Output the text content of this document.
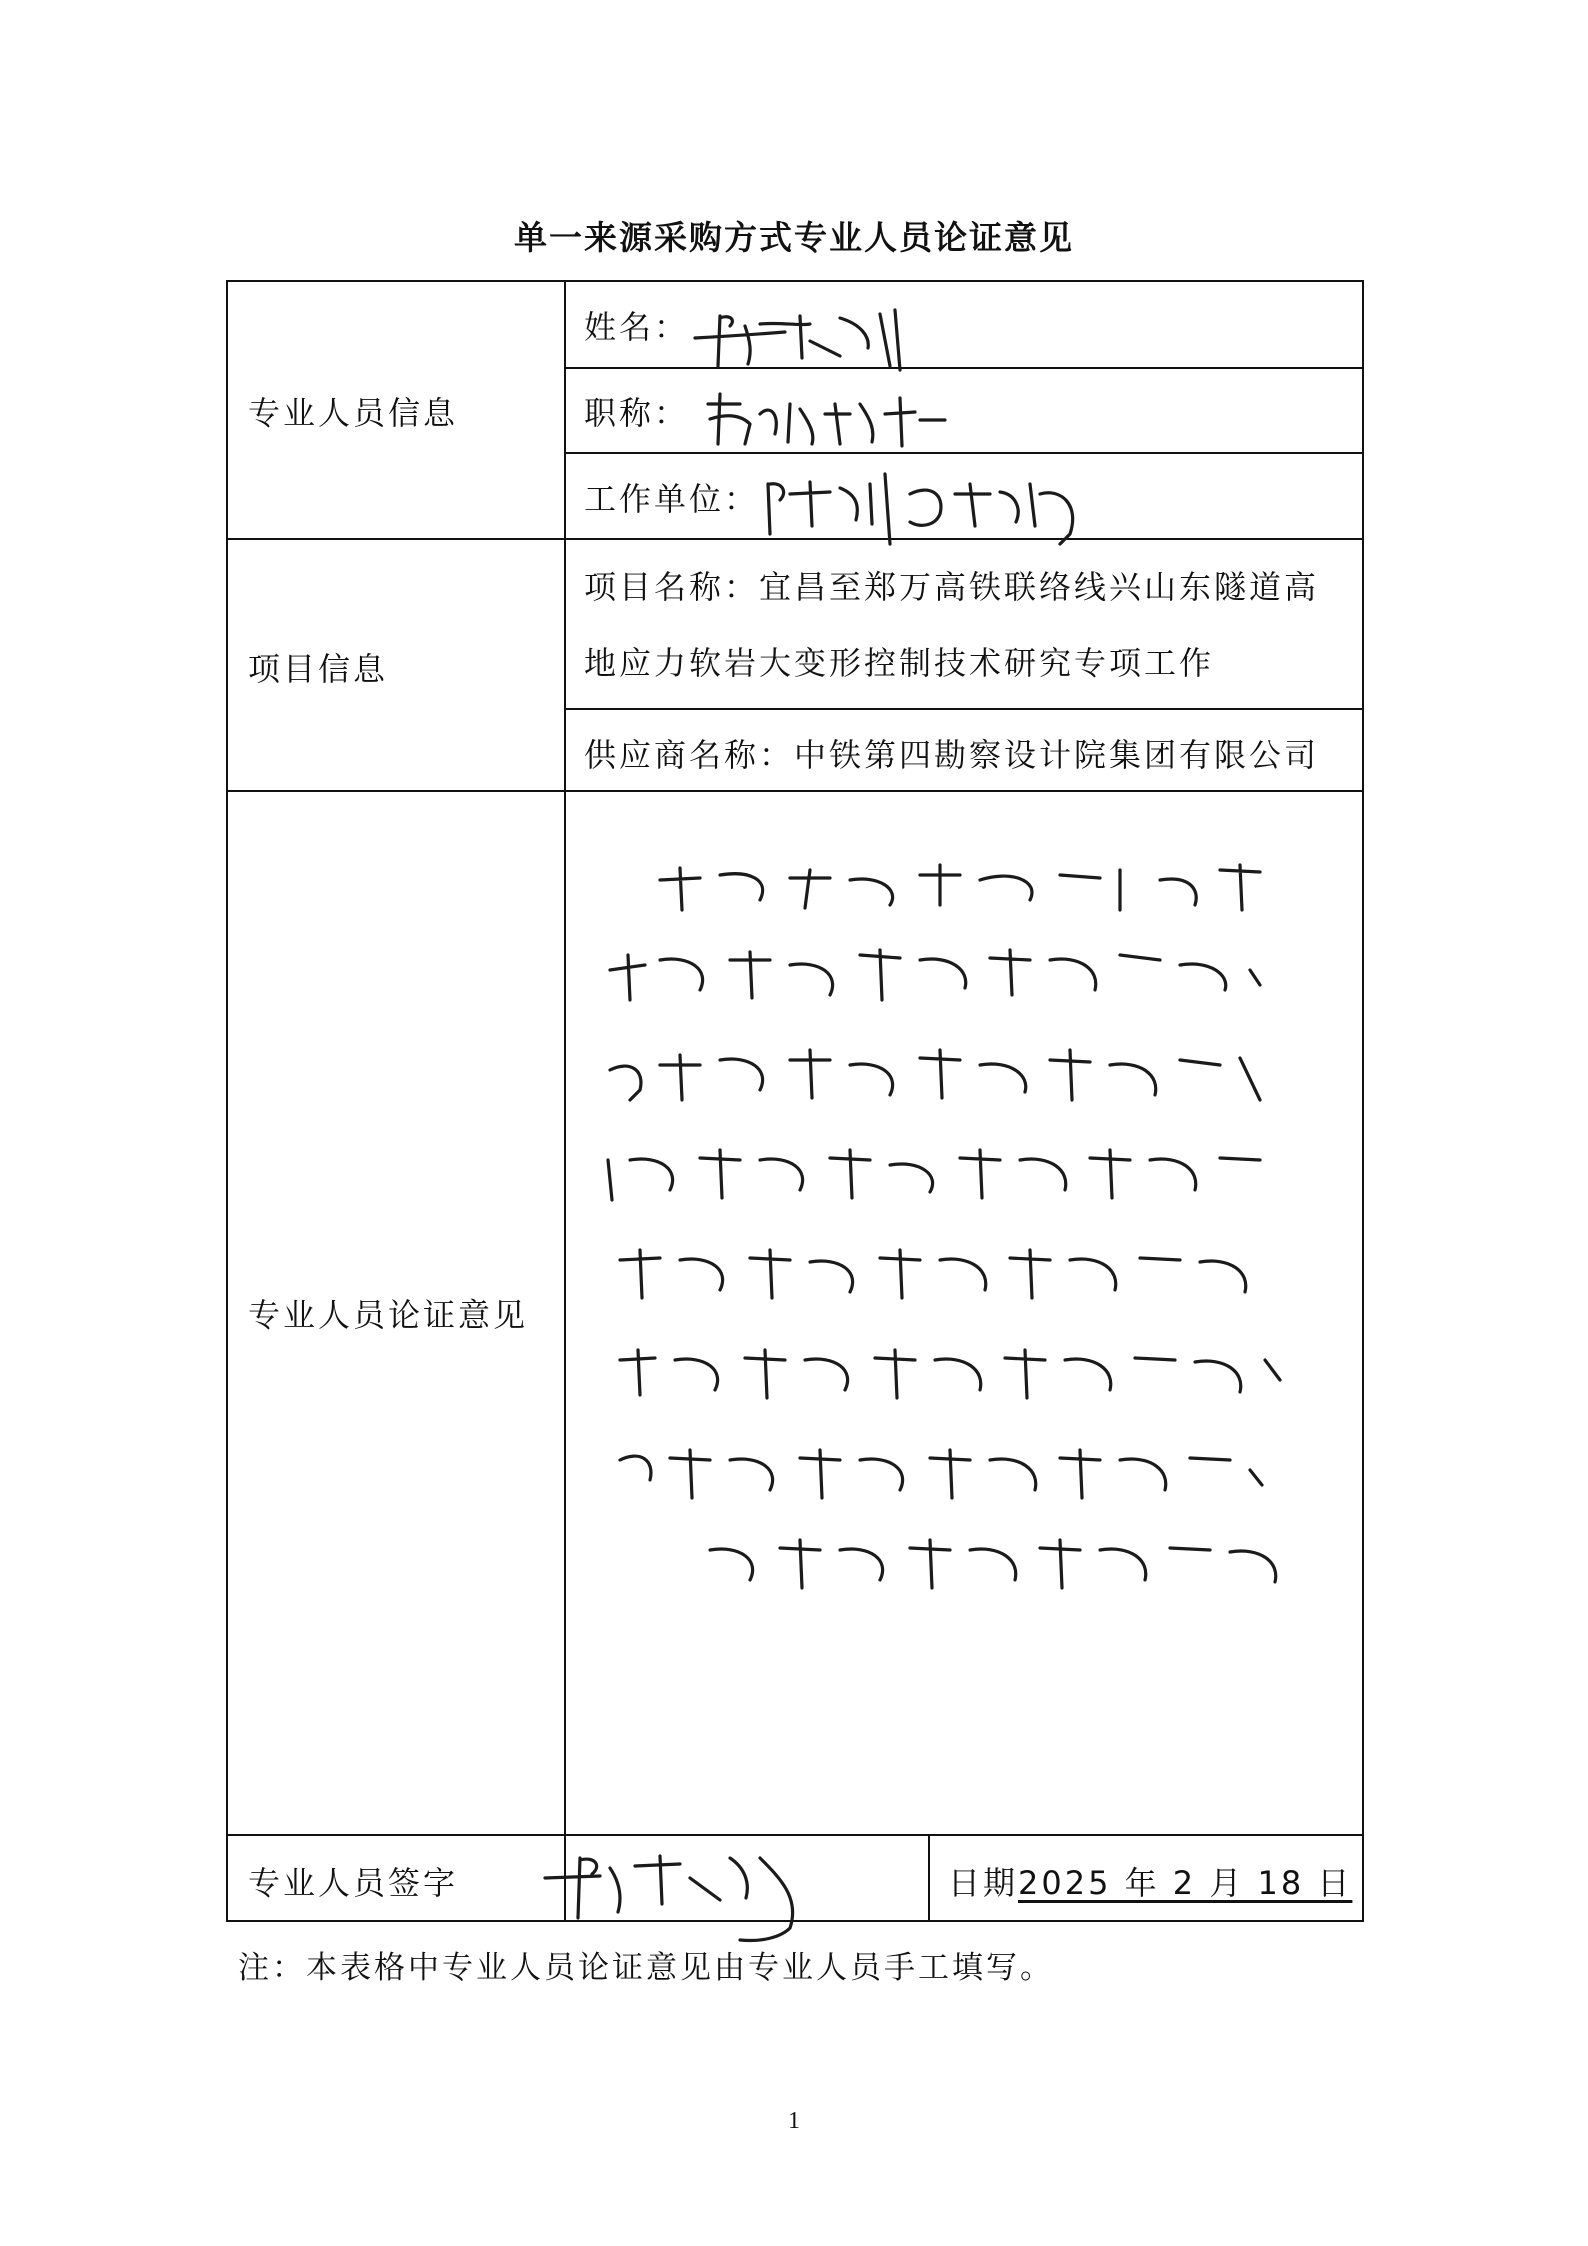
单一来源采购方式专业人员论证意见
专业人员信息
项目信息
专业人员论证意见
专业人员签字
姓名：
职称：
工作单位：
项目名称：宜昌至郑万高铁联络线兴山东隧道高
地应力软岩大变形控制技术研究专项工作
供应商名称：中铁第四勘察设计院集团有限公司
日期2025 年 2 月 18 日
注：本表格中专业人员论证意见由专业人员手工填写。
1
